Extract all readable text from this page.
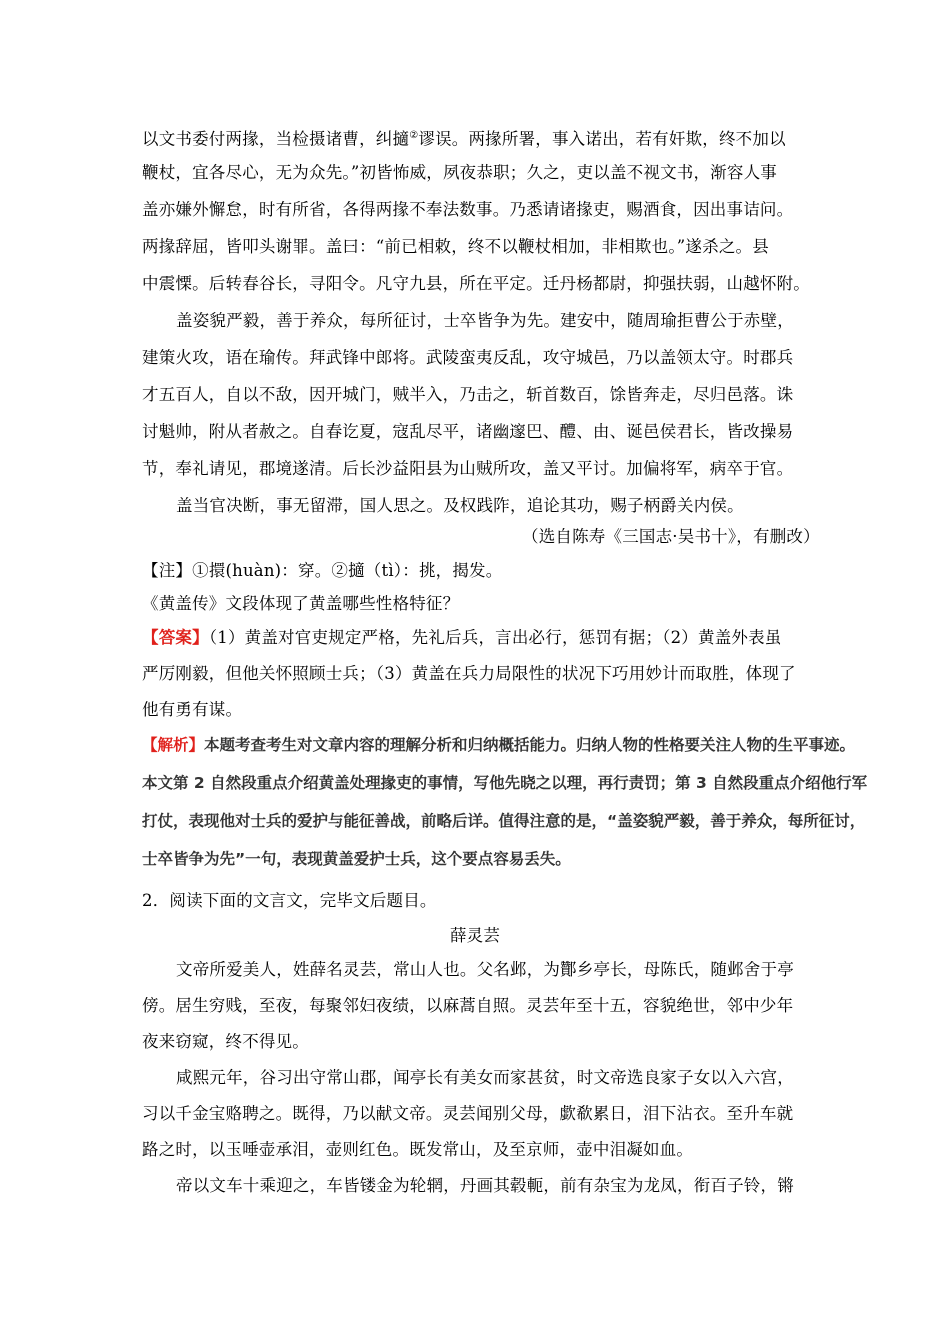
以文书委付两掾，当检摄诸曹，纠擿②谬误。两掾所署，事入诺出，若有奸欺，终不加以
鞭杖，宜各尽心，无为众先。”初皆怖威，夙夜恭职；久之，吏以盖不视文书，渐容人事
盖亦嫌外懈怠，时有所省，各得两掾不奉法数事。乃悉请诸掾吏，赐酒食，因出事诘问。
两掾辞屈，皆叩头谢罪。盖曰：“前已相敕，终不以鞭杖相加，非相欺也。”遂杀之。县
中震慄。后转春谷长，寻阳令。凡守九县，所在平定。迁丹杨都尉，抑强扶弱，山越怀附。
盖姿貌严毅，善于养众，每所征讨，士卒皆争为先。建安中，随周瑜拒曹公于赤壁，
建策火攻，语在瑜传。拜武锋中郎将。武陵蛮夷反乱，攻守城邑，乃以盖领太守。时郡兵
才五百人，自以不敌，因开城门，贼半入，乃击之，斩首数百，馀皆奔走，尽归邑落。诛
讨魁帅，附从者赦之。自春讫夏，寇乱尽平，诸幽邃巴、醴、由、诞邑侯君长，皆改操易
节，奉礼请见，郡境遂清。后长沙益阳县为山贼所攻，盖又平讨。加偏将军，病卒于官。
盖当官决断，事无留滞，国人思之。及权践阼，追论其功，赐子柄爵关内侯。
（选自陈寿《三国志·吴书十》，有删改）
【注】①擐(huàn)：穿。②擿（tì）：挑，揭发。
《黄盖传》文段体现了黄盖哪些性格特征？
【答案】（1）黄盖对官吏规定严格，先礼后兵，言出必行，惩罚有据；（2）黄盖外表虽
严厉刚毅，但他关怀照顾士兵；（3）黄盖在兵力局限性的状况下巧用妙计而取胜，体现了
他有勇有谋。
【解析】本题考查考生对文章内容的理解分析和归纳概括能力。归纳人物的性格要关注人物的生平事迹。
本文第 2 自然段重点介绍黄盖处理掾吏的事情，写他先晓之以理，再行责罚；第 3 自然段重点介绍他行军
打仗，表现他对士兵的爱护与能征善战，前略后详。值得注意的是，“盖姿貌严毅，善于养众，每所征讨，
士卒皆争为先”一句，表现黄盖爱护士兵，这个要点容易丢失。
2．阅读下面的文言文，完毕文后题目。
薛灵芸
文帝所爱美人，姓薛名灵芸，常山人也。父名邺，为酇乡亭长，母陈氏，随邺舍于亭
傍。居生穷贱，至夜，每聚邻妇夜绩，以麻蒿自照。灵芸年至十五，容貌绝世，邻中少年
夜来窃窥，终不得见。
咸熙元年，谷习出守常山郡，闻亭长有美女而家甚贫，时文帝选良家子女以入六宫，
习以千金宝赂聘之。既得，乃以献文帝。灵芸闻别父母，歔欷累日，泪下沾衣。至升车就
路之时，以玉唾壶承泪，壶则红色。既发常山，及至京师，壶中泪凝如血。
帝以文车十乘迎之，车皆镂金为轮辋，丹画其毂軛，前有杂宝为龙凤，衔百子铃，锵
